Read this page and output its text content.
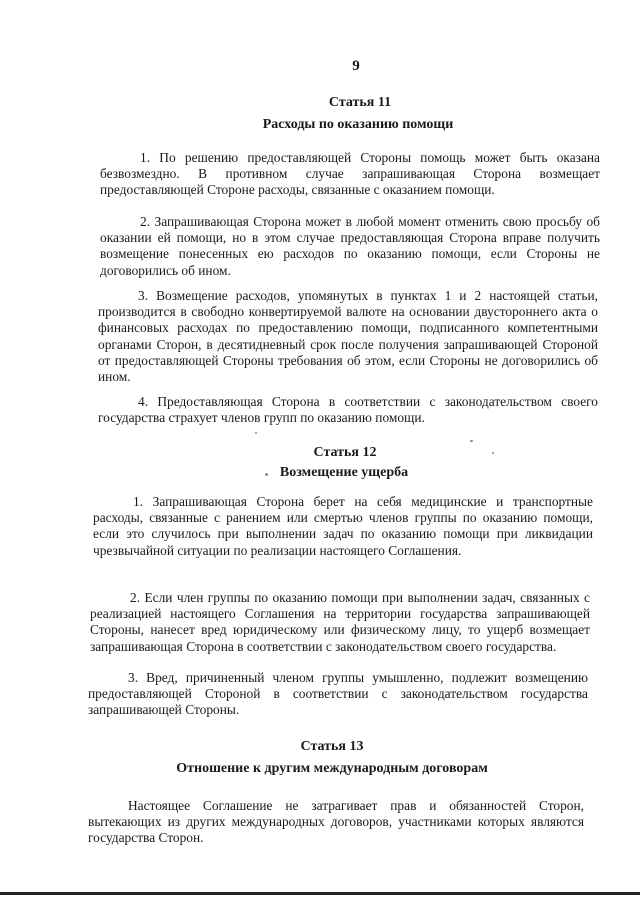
9
Статья 11
Расходы по оказанию помощи

1. По решению предоставляющей Стороны помощь может быть оказана безвозмездно. В противном случае запрашивающая Сторона возмещает предоставляющей Стороне расходы, связанные с оказанием помощи.

2. Запрашивающая Сторона может в любой момент отменить свою просьбу об оказании ей помощи, но в этом случае предоставляющая Сторона вправе получить возмещение понесенных ею расходов по оказанию помощи, если Стороны не договорились об ином.

3. Возмещение расходов, упомянутых в пунктах 1 и 2 настоящей статьи, производится в свободно конвертируемой валюте на основании двустороннего акта о финансовых расходах по предоставлению помощи, подписанного компетентными органами Сторон, в десятидневный срок после получения запрашивающей Стороной от предоставляющей Стороны требования об этом, если Стороны не договорились об ином.

4. Предоставляющая Сторона в соответствии с законодательством своего государства страхует членов групп по оказанию помощи.

Статья 12
Возмещение ущерба

1. Запрашивающая Сторона берет на себя медицинские и транспортные расходы, связанные с ранением или смертью членов группы по оказанию помощи, если это случилось при выполнении задач по оказанию помощи при ликвидации чрезвычайной ситуации по реализации настоящего Соглашения.

2. Если член группы по оказанию помощи при выполнении задач, связанных с реализацией настоящего Соглашения на территории государства запрашивающей Стороны, нанесет вред юридическому или физическому лицу, то ущерб возмещает запрашивающая Сторона в соответствии с законодательством своего государства.

3. Вред, причиненный членом группы умышленно, подлежит возмещению предоставляющей Стороной в соответствии с законодательством государства запрашивающей Стороны.

Статья 13
Отношение к другим международным договорам

Настоящее Соглашение не затрагивает прав и обязанностей Сторон, вытекающих из других международных договоров, участниками которых являются государства Сторон.
